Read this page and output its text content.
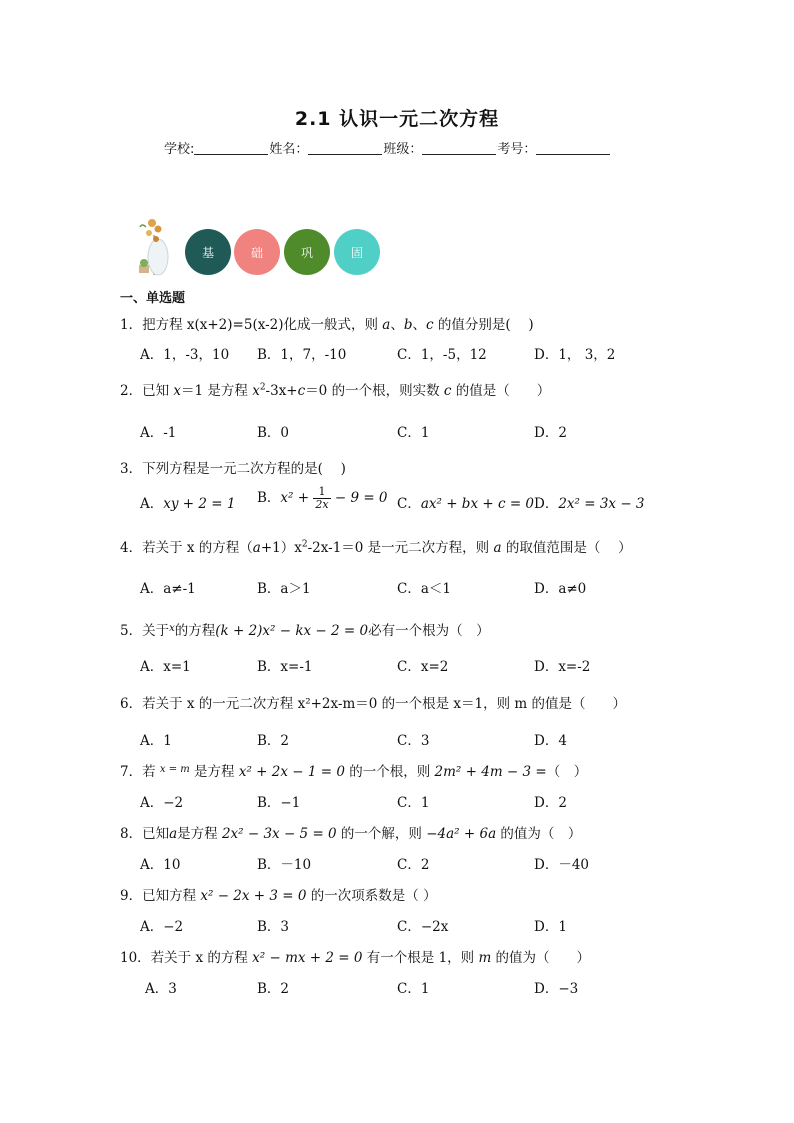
2.1 认识一元二次方程
学校:	姓名：	班级：	考号：
基	础	巩	固
一、单选题
1．把方程 x(x+2)=5(x-2)化成一般式，则 a、b、c 的值分别是(　 )
A．1，-3，10 B．1，7，-10	C．1，-5，12	D．1， 3，2
2．已知 x＝1 是方程 $x^2-3x+c=0$ 的一个根，则实数 c 的值是（　　）
A．-1	B．0	C．1	D．2
3．下列方程是一元二次方程的是(　 )
A．xy + 2 = 1 B．$x^2 + \frac{1}{2x} - 9 = 0$ C．ax² + bx + c = 0 D．2x² = 3x − 3
4．若关于 x 的方程$(a+1)x^2-2x-1=0$ 是一元二次方程，则 a 的取值范围是（　 ）
A．a≠-1	B．a＞1	C．a＜1	D．a≠0
5．关于$^x$的方程(k + 2)x² − kx − 2 = 0必有一个根为（　）
A．x=1	B．x=-1	C．x=2	D．x=-2
6．若关于 x 的一元二次方程 x²+2x-m＝0 的一个根是 x＝1，则 m 的值是（　　）
A．1	B．2	C．3	D．4
7．若 $^{x = m}$ 是方程 x² + 2x − 1 = 0 的一个根，则 2m² + 4m − 3 =（　）
A．−2	B．−1	C．1	D．2
8．已知a是方程 2x² − 3x − 5 = 0 的一个解，则 −4a² + 6a 的值为（　）
A．10	B．－10	C．2	D．－40
9．已知方程 x² − 2x + 3 = 0 的一次项系数是（ ）
A．−2	B．3	C．−2x	D．1
10．若关于 x 的方程 x² − mx + 2 = 0 有一个根是 1，则 m 的值为（　　）
A．3	B．2	C．1	D．−3
